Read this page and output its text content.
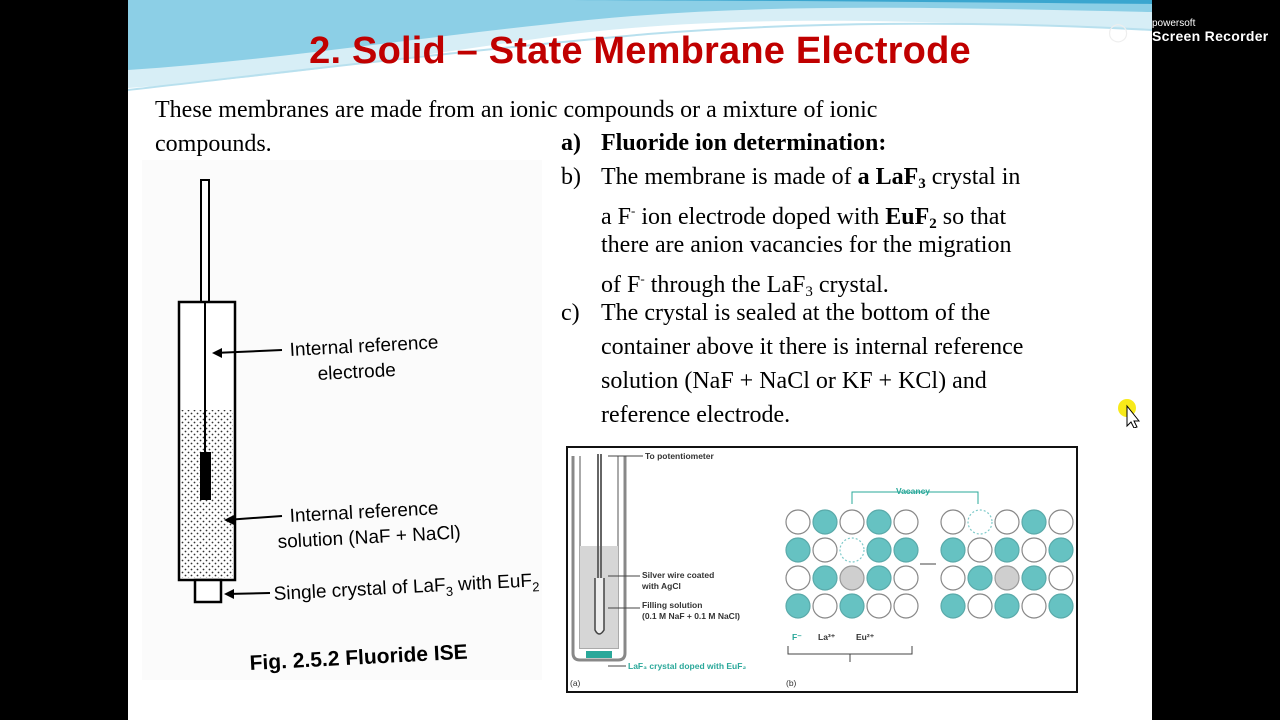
2. Solid – State Membrane Electrode
These membranes are made from an ionic compounds or a mixture of ionic
compounds.	a) Fluoride ion determination:
b) The membrane is made of a LaF$_3$ crystal in
a F- ion electrode doped with EuF$_2$ so that
there are anion vacancies for the migration
of F- through the LaF$_3$ crystal.
c) The crystal is sealed at the bottom of the
container above it there is internal reference
solution (NaF + NaCl or KF + KCl) and
reference electrode.
Internal reference
electrode
Internal reference
solution (NaF + NaCl)
Single crystal of LaF$_3$ with EuF$_2$
Fig. 2.5.2 Fluoride ISE
To potentiometer
Silver wire coated
with AgCl
Filling solution
(0.1 M NaF + 0.1 M NaCl)
LaF₃ crystal doped with EuF₂
(a)	(b)
Vacancy
F⁻ La³⁺ Eu²⁺
◯	powersoft
Screen Recorder
